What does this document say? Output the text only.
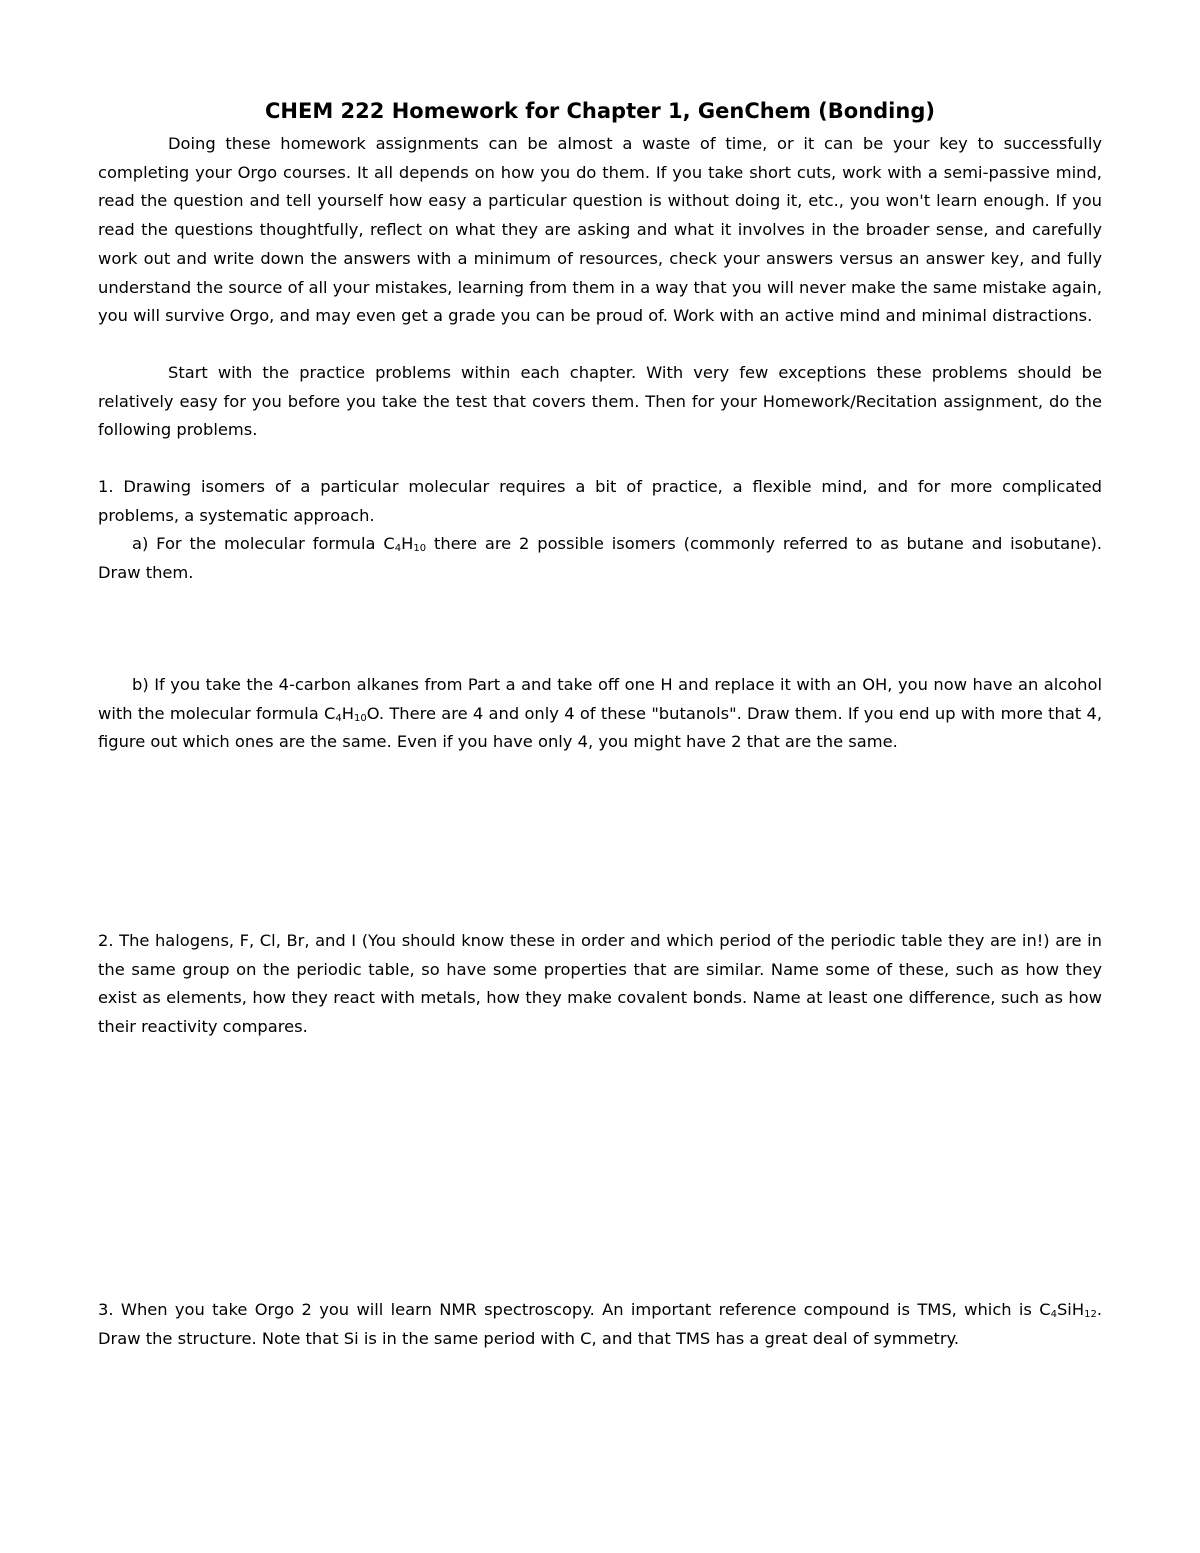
CHEM 222 Homework for Chapter 1, GenChem (Bonding)

Doing these homework assignments can be almost a waste of time, or it can be your key to successfully completing your Orgo courses. It all depends on how you do them. If you take short cuts, work with a semi-passive mind, read the question and tell yourself how easy a particular question is without doing it, etc., you won't learn enough. If you read the questions thoughtfully, reflect on what they are asking and what it involves in the broader sense, and carefully work out and write down the answers with a minimum of resources, check your answers versus an answer key, and fully understand the source of all your mistakes, learning from them in a way that you will never make the same mistake again, you will survive Orgo, and may even get a grade you can be proud of. Work with an active mind and minimal distractions.

Start with the practice problems within each chapter. With very few exceptions these problems should be relatively easy for you before you take the test that covers them. Then for your Homework/Recitation assignment, do the following problems.

1. Drawing isomers of a particular molecular requires a bit of practice, a flexible mind, and for more complicated problems, a systematic approach.

a) For the molecular formula $C_4H_{10}$ there are 2 possible isomers (commonly referred to as butane and isobutane). Draw them.

b) If you take the 4-carbon alkanes from Part a and take off one H and replace it with an OH, you now have an alcohol with the molecular formula $C_4H_{10}O$. There are 4 and only 4 of these "butanols". Draw them. If you end up with more that 4, figure out which ones are the same. Even if you have only 4, you might have 2 that are the same.

2. The halogens, F, Cl, Br, and I (You should know these in order and which period of the periodic table they are in!) are in the same group on the periodic table, so have some properties that are similar. Name some of these, such as how they exist as elements, how they react with metals, how they make covalent bonds. Name at least one difference, such as how their reactivity compares.

3. When you take Orgo 2 you will learn NMR spectroscopy. An important reference compound is TMS, which is $C_4SiH_{12}$. Draw the structure. Note that Si is in the same period with C, and that TMS has a great deal of symmetry.
